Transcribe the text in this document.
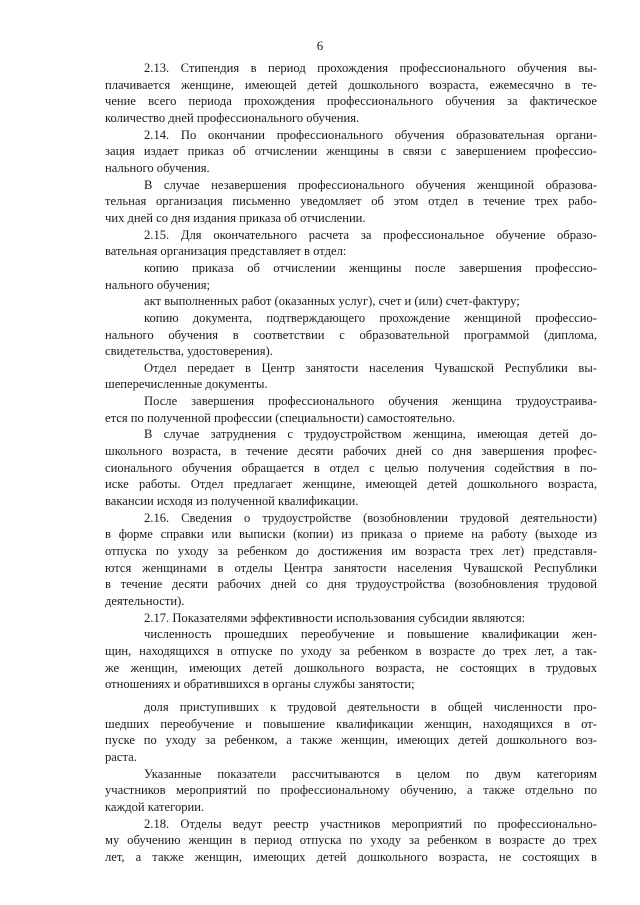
6
2.13. Стипендия в период прохождения профессионального обучения вы-
плачивается женщине, имеющей детей дошкольного возраста, ежемесячно в те-
чение всего периода прохождения профессионального обучения за фактическое
количество дней профессионального обучения.
2.14. По окончании профессионального обучения образовательная органи-
зация издает приказ об отчислении женщины в связи с завершением профессио-
нального обучения.
В случае незавершения профессионального обучения женщиной образова-
тельная организация письменно уведомляет об этом отдел в течение трех рабо-
чих дней со дня издания приказа об отчислении.
2.15. Для окончательного расчета за профессиональное обучение образо-
вательная организация представляет в отдел:
копию приказа об отчислении женщины после завершения профессио-
нального обучения;
акт выполненных работ (оказанных услуг), счет и (или) счет-фактуру;
копию документа, подтверждающего прохождение женщиной профессио-
нального обучения в соответствии с образовательной программой (диплома,
свидетельства, удостоверения).
Отдел передает в Центр занятости населения Чувашской Республики вы-
шеперечисленные документы.
После завершения профессионального обучения женщина трудоустраива-
ется по полученной профессии (специальности) самостоятельно.
В случае затруднения с трудоустройством женщина, имеющая детей до-
школьного возраста, в течение десяти рабочих дней со дня завершения профес-
сионального обучения обращается в отдел с целью получения содействия в по-
иске работы. Отдел предлагает женщине, имеющей детей дошкольного возраста,
вакансии исходя из полученной квалификации.
2.16. Сведения о трудоустройстве (возобновлении трудовой деятельности)
в форме справки или выписки (копии) из приказа о приеме на работу (выходе из
отпуска по уходу за ребенком до достижения им возраста трех лет) представля-
ются женщинами в отделы Центра занятости населения Чувашской Республики
в течение десяти рабочих дней со дня трудоустройства (возобновления трудовой
деятельности).
2.17. Показателями эффективности использования субсидии являются:
численность прошедших переобучение и повышение квалификации жен-
щин, находящихся в отпуске по уходу за ребенком в возрасте до трех лет, а так-
же женщин, имеющих детей дошкольного возраста, не состоящих в трудовых
отношениях и обратившихся в органы службы занятости;
доля приступивших к трудовой деятельности в общей численности про-
шедших переобучение и повышение квалификации женщин, находящихся в от-
пуске по уходу за ребенком, а также женщин, имеющих детей дошкольного воз-
раста.
Указанные показатели рассчитываются в целом по двум категориям
участников мероприятий по профессиональному обучению, а также отдельно по
каждой категории.
2.18. Отделы ведут реестр участников мероприятий по профессионально-
му обучению женщин в период отпуска по уходу за ребенком в возрасте до трех
лет, а также женщин, имеющих детей дошкольного возраста, не состоящих в
